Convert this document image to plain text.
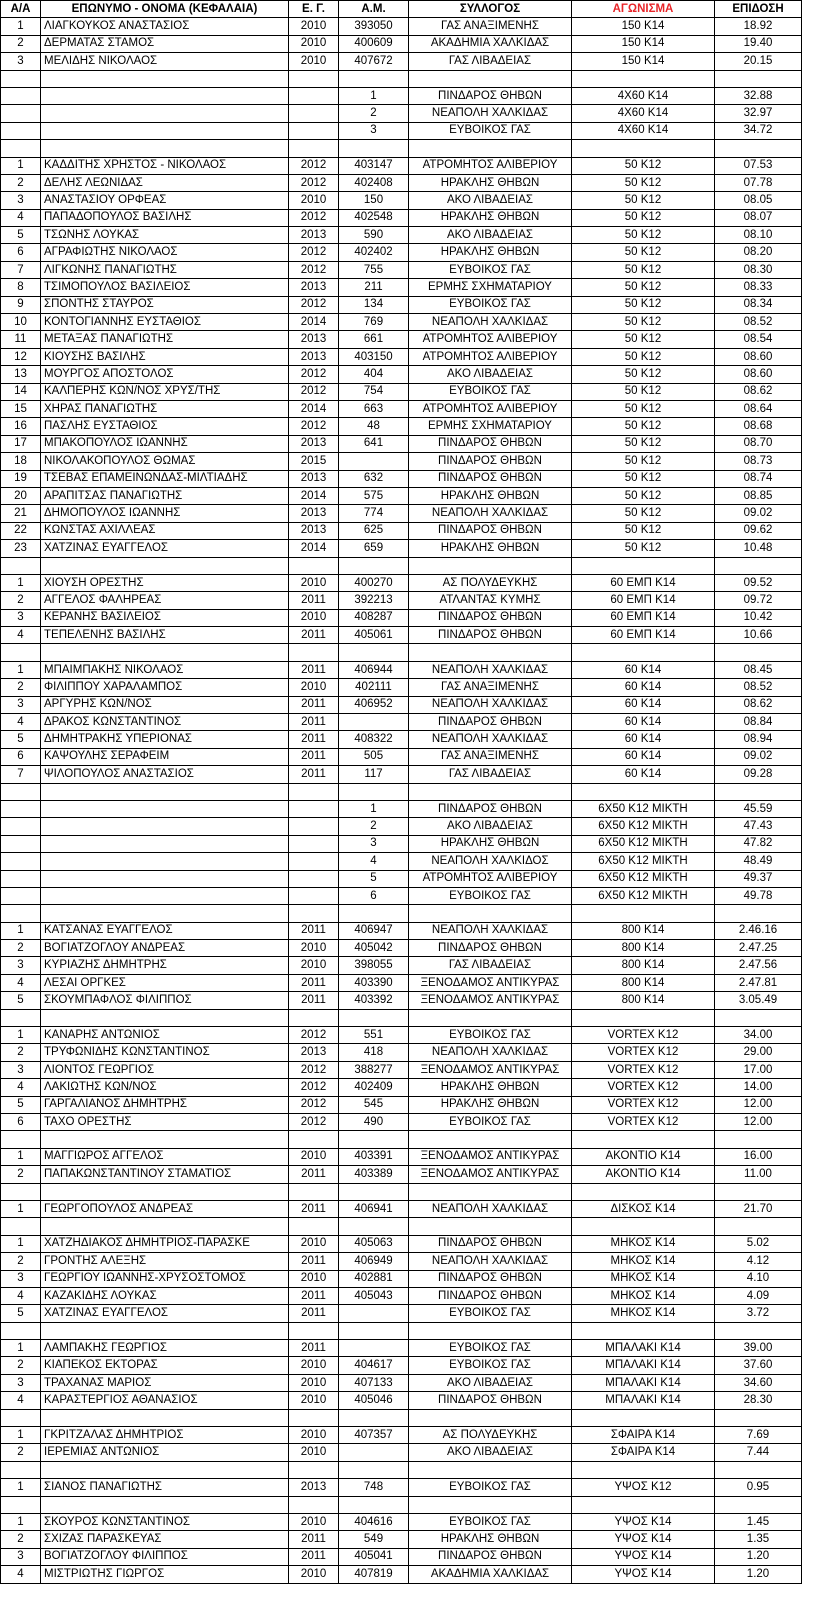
Α/Α	ΕΠΩΝΥΜΟ - ΟΝΟΜΑ (ΚΕΦΑΛΑΙΑ)	Ε. Γ.	Α.Μ.	ΣΥΛΛΟΓΟΣ	ΑΓΩΝΙΣΜΑ	ΕΠΙΔΟΣΗ
1	ΛΙΑΓΚΟΥΚΟΣ ΑΝΑΣΤΑΣΙΟΣ	2010	393050	ΓΑΣ ΑΝΑΞΙΜΕΝΗΣ	150 K14	18.92
2	ΔΕΡΜΑΤΑΣ ΣΤΑΜΟΣ	2010	400609	ΑΚΑΔΗΜΙΑ ΧΑΛΚΙΔΑΣ	150 K14	19.40
3	ΜΕΛΙΔΗΣ ΝΙΚΟΛΑΟΣ	2010	407672	ΓΑΣ ΛΙΒΑΔΕΙΑΣ	150 K14	20.15

			1	ΠΙΝΔΑΡΟΣ ΘΗΒΩΝ	4X60 K14	32.88
			2	ΝΕΑΠΟΛΗ ΧΑΛΚΙΔΑΣ	4X60 K14	32.97
			3	ΕΥΒΟΙΚΟΣ ΓΑΣ	4X60 K14	34.72

1	ΚΑΔΔΙΤΗΣ ΧΡΗΣΤΟΣ - ΝΙΚΟΛΑΟΣ	2012	403147	ΑΤΡΟΜΗΤΟΣ ΑΛΙΒΕΡΙΟΥ	50 K12	07.53
2	ΔΕΛΗΣ ΛΕΩΝΙΔΑΣ	2012	402408	ΗΡΑΚΛΗΣ ΘΗΒΩΝ	50 K12	07.78
3	ΑΝΑΣΤΑΣΙΟΥ ΟΡΦΕΑΣ	2010	150	ΑΚΟ ΛΙΒΑΔΕΙΑΣ	50 K12	08.05
4	ΠΑΠΑΔΟΠΟΥΛΟΣ ΒΑΣΙΛΗΣ	2012	402548	ΗΡΑΚΛΗΣ ΘΗΒΩΝ	50 K12	08.07
5	ΤΣΩΝΗΣ ΛΟΥΚΑΣ	2013	590	ΑΚΟ ΛΙΒΑΔΕΙΑΣ	50 K12	08.10
6	ΑΓΡΑΦΙΩΤΗΣ ΝΙΚΟΛΑΟΣ	2012	402402	ΗΡΑΚΛΗΣ ΘΗΒΩΝ	50 K12	08.20
7	ΛΙΓΚΩΝΗΣ ΠΑΝΑΓΙΩΤΗΣ	2012	755	ΕΥΒΟΙΚΟΣ ΓΑΣ	50 K12	08.30
8	ΤΣΙΜΟΠΟΥΛΟΣ ΒΑΣΙΛΕΙΟΣ	2013	211	ΕΡΜΗΣ ΣΧΗΜΑΤΑΡΙΟΥ	50 K12	08.33
9	ΣΠΟΝΤΗΣ ΣΤΑΥΡΟΣ	2012	134	ΕΥΒΟΙΚΟΣ ΓΑΣ	50 K12	08.34
10	ΚΟΝΤΟΓΙΑΝΝΗΣ ΕΥΣΤΑΘΙΟΣ	2014	769	ΝΕΑΠΟΛΗ ΧΑΛΚΙΔΑΣ	50 K12	08.52
11	ΜΕΤΑΞΑΣ ΠΑΝΑΓΙΩΤΗΣ	2013	661	ΑΤΡΟΜΗΤΟΣ ΑΛΙΒΕΡΙΟΥ	50 K12	08.54
12	ΚΙΟΥΣΗΣ ΒΑΣΙΛΗΣ	2013	403150	ΑΤΡΟΜΗΤΟΣ ΑΛΙΒΕΡΙΟΥ	50 K12	08.60
13	ΜΟΥΡΓΟΣ ΑΠΟΣΤΟΛΟΣ	2012	404	ΑΚΟ ΛΙΒΑΔΕΙΑΣ	50 K12	08.60
14	ΚΑΛΠΕΡΗΣ ΚΩΝ/ΝΟΣ ΧΡΥΣ/ΤΗΣ	2012	754	ΕΥΒΟΙΚΟΣ ΓΑΣ	50 K12	08.62
15	ΧΗΡΑΣ ΠΑΝΑΓΙΩΤΗΣ	2014	663	ΑΤΡΟΜΗΤΟΣ ΑΛΙΒΕΡΙΟΥ	50 K12	08.64
16	ΠΑΣΛΗΣ ΕΥΣΤΑΘΙΟΣ	2012	48	ΕΡΜΗΣ ΣΧΗΜΑΤΑΡΙΟΥ	50 K12	08.68
17	ΜΠΑΚΟΠΟΥΛΟΣ ΙΩΑΝΝΗΣ	2013	641	ΠΙΝΔΑΡΟΣ ΘΗΒΩΝ	50 K12	08.70
18	ΝΙΚΟΛΑΚΟΠΟΥΛΟΣ ΘΩΜΑΣ	2015		ΠΙΝΔΑΡΟΣ ΘΗΒΩΝ	50 K12	08.73
19	ΤΣΕΒΑΣ ΕΠΑΜΕΙΝΩΝΔΑΣ-ΜΙΛΤΙΑΔΗΣ	2013	632	ΠΙΝΔΑΡΟΣ ΘΗΒΩΝ	50 K12	08.74
20	ΑΡΑΠΙΤΣΑΣ ΠΑΝΑΓΙΩΤΗΣ	2014	575	ΗΡΑΚΛΗΣ ΘΗΒΩΝ	50 K12	08.85
21	ΔΗΜΟΠΟΥΛΟΣ ΙΩΑΝΝΗΣ	2013	774	ΝΕΑΠΟΛΗ ΧΑΛΚΙΔΑΣ	50 K12	09.02
22	ΚΩΝΣΤΑΣ ΑΧΙΛΛΕΑΣ	2013	625	ΠΙΝΔΑΡΟΣ ΘΗΒΩΝ	50 K12	09.62
23	ΧΑΤΖΙΝΑΣ ΕΥΑΓΓΕΛΟΣ	2014	659	ΗΡΑΚΛΗΣ ΘΗΒΩΝ	50 K12	10.48

1	ΧΙΟΥΣΗ ΟΡΕΣΤΗΣ	2010	400270	ΑΣ ΠΟΛΥΔΕΥΚΗΣ	60 ΕΜΠ K14	09.52
2	ΑΓΓΕΛΟΣ ΦΑΛΗΡΕΑΣ	2011	392213	ΑΤΛΑΝΤΑΣ ΚΥΜΗΣ	60 ΕΜΠ K14	09.72
3	ΚΕΡΑΝΗΣ ΒΑΣΙΛΕΙΟΣ	2010	408287	ΠΙΝΔΑΡΟΣ ΘΗΒΩΝ	60 ΕΜΠ K14	10.42
4	ΤΕΠΕΛΕΝΗΣ ΒΑΣΙΛΗΣ	2011	405061	ΠΙΝΔΑΡΟΣ ΘΗΒΩΝ	60 ΕΜΠ K14	10.66

1	ΜΠΑΙΜΠΑΚΗΣ ΝΙΚΟΛΑΟΣ	2011	406944	ΝΕΑΠΟΛΗ ΧΑΛΚΙΔΑΣ	60 K14	08.45
2	ΦΙΛΙΠΠΟΥ ΧΑΡΑΛΑΜΠΟΣ	2010	402111	ΓΑΣ ΑΝΑΞΙΜΕΝΗΣ	60 K14	08.52
3	ΑΡΓΥΡΗΣ ΚΩΝ/ΝΟΣ	2011	406952	ΝΕΑΠΟΛΗ ΧΑΛΚΙΔΑΣ	60 K14	08.62
4	ΔΡΑΚΟΣ ΚΩΝΣΤΑΝΤΙΝΟΣ	2011		ΠΙΝΔΑΡΟΣ ΘΗΒΩΝ	60 K14	08.84
5	ΔΗΜΗΤΡΑΚΗΣ ΥΠΕΡΙΟΝΑΣ	2011	408322	ΝΕΑΠΟΛΗ ΧΑΛΚΙΔΑΣ	60 K14	08.94
6	ΚΑΨΟΥΛΗΣ ΣΕΡΑΦΕΙΜ	2011	505	ΓΑΣ ΑΝΑΞΙΜΕΝΗΣ	60 K14	09.02
7	ΨΙΛΟΠΟΥΛΟΣ ΑΝΑΣΤΑΣΙΟΣ	2011	117	ΓΑΣ ΛΙΒΑΔΕΙΑΣ	60 K14	09.28

			1	ΠΙΝΔΑΡΟΣ ΘΗΒΩΝ	6Χ50 K12 ΜΙΚΤΗ	45.59
			2	ΑΚΟ ΛΙΒΑΔΕΙΑΣ	6Χ50 K12 ΜΙΚΤΗ	47.43
			3	ΗΡΑΚΛΗΣ ΘΗΒΩΝ	6Χ50 K12 ΜΙΚΤΗ	47.82
			4	ΝΕΑΠΟΛΗ ΧΑΛΚΙΔΟΣ	6Χ50 K12 ΜΙΚΤΗ	48.49
			5	ΑΤΡΟΜΗΤΟΣ ΑΛΙΒΕΡΙΟΥ	6Χ50 K12 ΜΙΚΤΗ	49.37
			6	ΕΥΒΟΙΚΟΣ ΓΑΣ	6Χ50 K12 ΜΙΚΤΗ	49.78

1	ΚΑΤΣΑΝΑΣ ΕΥΑΓΓΕΛΟΣ	2011	406947	ΝΕΑΠΟΛΗ ΧΑΛΚΙΔΑΣ	800 K14	2.46.16
2	ΒΟΓΙΑΤΖΟΓΛΟΥ ΑΝΔΡΕΑΣ	2010	405042	ΠΙΝΔΑΡΟΣ ΘΗΒΩΝ	800 K14	2.47.25
3	ΚΥΡΙΑΖΗΣ ΔΗΜΗΤΡΗΣ	2010	398055	ΓΑΣ ΛΙΒΑΔΕΙΑΣ	800 K14	2.47.56
4	ΛΕΣΑΙ ΟΡΓΚΕΣ	2011	403390	ΞΕΝΟΔΑΜΟΣ ΑΝΤΙΚΥΡΑΣ	800 K14	2.47.81
5	ΣΚΟΥΜΠΑΦΛΟΣ ΦΙΛΙΠΠΟΣ	2011	403392	ΞΕΝΟΔΑΜΟΣ ΑΝΤΙΚΥΡΑΣ	800 K14	3.05.49

1	ΚΑΝΑΡΗΣ ΑΝΤΩΝΙΟΣ	2012	551	ΕΥΒΟΙΚΟΣ ΓΑΣ	VORTEX K12	34.00
2	ΤΡΥΦΩΝΙΔΗΣ ΚΩΝΣΤΑΝΤΙΝΟΣ	2013	418	ΝΕΑΠΟΛΗ ΧΑΛΚΙΔΑΣ	VORTEX K12	29.00
3	ΛΙΟΝΤΟΣ ΓΕΩΡΓΙΟΣ	2012	388277	ΞΕΝΟΔΑΜΟΣ ΑΝΤΙΚΥΡΑΣ	VORTEX K12	17.00
4	ΛΑΚΙΩΤΗΣ ΚΩΝ/ΝΟΣ	2012	402409	ΗΡΑΚΛΗΣ ΘΗΒΩΝ	VORTEX K12	14.00
5	ΓΑΡΓΑΛΙΑΝΟΣ ΔΗΜΗΤΡΗΣ	2012	545	ΗΡΑΚΛΗΣ ΘΗΒΩΝ	VORTEX K12	12.00
6	ΤΑΧΟ ΟΡΕΣΤΗΣ	2012	490	ΕΥΒΟΙΚΟΣ ΓΑΣ	VORTEX K12	12.00

1	ΜΑΓΓΙΩΡΟΣ ΑΓΓΕΛΟΣ	2010	403391	ΞΕΝΟΔΑΜΟΣ ΑΝΤΙΚΥΡΑΣ	ΑΚΟΝΤΙΟ K14	16.00
2	ΠΑΠΑΚΩΝΣΤΑΝΤΙΝΟΥ ΣΤΑΜΑΤΙΟΣ	2011	403389	ΞΕΝΟΔΑΜΟΣ ΑΝΤΙΚΥΡΑΣ	ΑΚΟΝΤΙΟ K14	11.00

1	ΓΕΩΡΓΟΠΟΥΛΟΣ ΑΝΔΡΕΑΣ	2011	406941	ΝΕΑΠΟΛΗ ΧΑΛΚΙΔΑΣ	ΔΙΣΚΟΣ K14	21.70

1	ΧΑΤΖΗΔΙΑΚΟΣ ΔΗΜΗΤΡΙΟΣ-ΠΑΡΑΣΚΕ	2010	405063	ΠΙΝΔΑΡΟΣ ΘΗΒΩΝ	ΜΗΚΟΣ K14	5.02
2	ΓΡΟΝΤΗΣ ΑΛΕΞΗΣ	2011	406949	ΝΕΑΠΟΛΗ ΧΑΛΚΙΔΑΣ	ΜΗΚΟΣ K14	4.12
3	ΓΕΩΡΓΙΟΥ ΙΩΑΝΝΗΣ-ΧΡΥΣΟΣΤΟΜΟΣ	2010	402881	ΠΙΝΔΑΡΟΣ ΘΗΒΩΝ	ΜΗΚΟΣ K14	4.10
4	ΚΑΖΑΚΙΔΗΣ ΛΟΥΚΑΣ	2011	405043	ΠΙΝΔΑΡΟΣ ΘΗΒΩΝ	ΜΗΚΟΣ K14	4.09
5	ΧΑΤΖΙΝΑΣ ΕΥΑΓΓΕΛΟΣ	2011		ΕΥΒΟΙΚΟΣ ΓΑΣ	ΜΗΚΟΣ K14	3.72

1	ΛΑΜΠΑΚΗΣ ΓΕΩΡΓΙΟΣ	2011		ΕΥΒΟΙΚΟΣ ΓΑΣ	ΜΠΑΛΑΚΙ K14	39.00
2	ΚΙΑΠΕΚΟΣ ΕΚΤΟΡΑΣ	2010	404617	ΕΥΒΟΙΚΟΣ ΓΑΣ	ΜΠΑΛΑΚΙ K14	37.60
3	ΤΡΑΧΑΝΑΣ ΜΑΡΙΟΣ	2010	407133	ΑΚΟ ΛΙΒΑΔΕΙΑΣ	ΜΠΑΛΑΚΙ K14	34.60
4	ΚΑΡΑΣΤΕΡΓΙΟΣ ΑΘΑΝΑΣΙΟΣ	2010	405046	ΠΙΝΔΑΡΟΣ ΘΗΒΩΝ	ΜΠΑΛΑΚΙ K14	28.30

1	ΓΚΡΙΤΖΑΛΑΣ ΔΗΜΗΤΡΙΟΣ	2010	407357	ΑΣ ΠΟΛΥΔΕΥΚΗΣ	ΣΦΑΙΡΑ K14	7.69
2	ΙΕΡΕΜΙΑΣ ΑΝΤΩΝΙΟΣ	2010		ΑΚΟ ΛΙΒΑΔΕΙΑΣ	ΣΦΑΙΡΑ K14	7.44

1	ΣΙΑΝΟΣ ΠΑΝΑΓΙΩΤΗΣ	2013	748	ΕΥΒΟΙΚΟΣ ΓΑΣ	ΥΨΟΣ K12	0.95

1	ΣΚΟΥΡΟΣ ΚΩΝΣΤΑΝΤΙΝΟΣ	2010	404616	ΕΥΒΟΙΚΟΣ ΓΑΣ	ΥΨΟΣ K14	1.45
2	ΣΧΙΖΑΣ ΠΑΡΑΣΚΕΥΑΣ	2011	549	ΗΡΑΚΛΗΣ ΘΗΒΩΝ	ΥΨΟΣ K14	1.35
3	ΒΟΓΙΑΤΖΟΓΛΟΥ ΦΙΛΙΠΠΟΣ	2011	405041	ΠΙΝΔΑΡΟΣ ΘΗΒΩΝ	ΥΨΟΣ K14	1.20
4	ΜΙΣΤΡΙΩΤΗΣ ΓΙΩΡΓΟΣ	2010	407819	ΑΚΑΔΗΜΙΑ ΧΑΛΚΙΔΑΣ	ΥΨΟΣ K14	1.20
